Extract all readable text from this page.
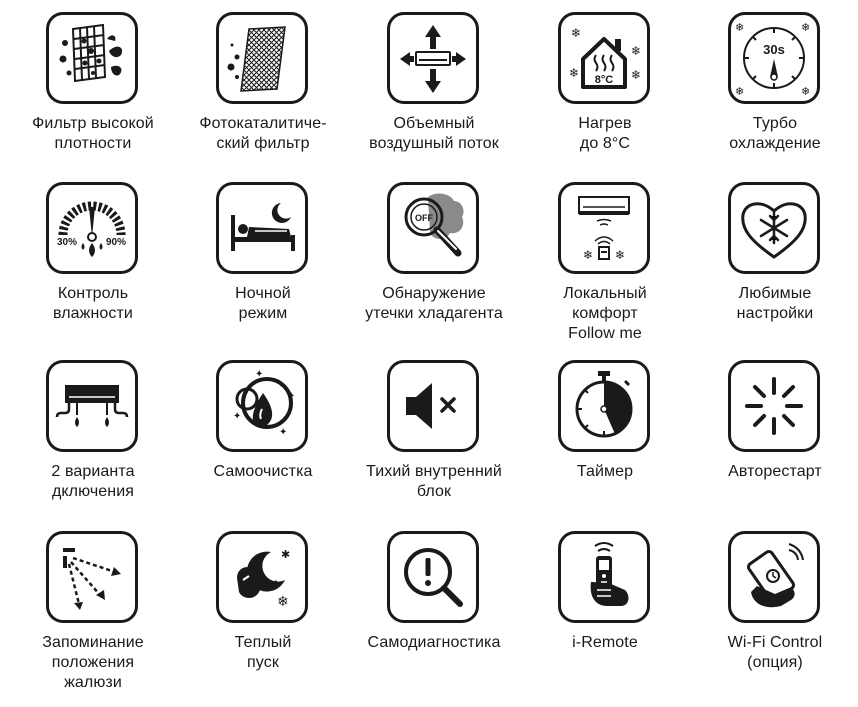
Фильтр высокой
плотности
Фотокаталитиче-
ский фильтр
Объемный
воздушный поток
8°C
❄
❄
❄
❄
Нагрев
до 8°С
30s
❄	❄
❄	❄
Турбо
охлаждение
30%	90%
Контроль
влажности
Ночной
режим
OFF
Обнаружение
утечки хладагента
❄ ❄
Локальный
комфорт
Follow me
Любимые
настройки
2 варианта
дключения
✦
✦
✦
✦
Самоочистка	Тихий внутренний
блок
Таймер	Авторестарт
Запоминание
положения
жалюзи
✱
❄
❄
Теплый
пуск
Самодиагностика	i-Remote	Wi-Fi Control
(опция)
